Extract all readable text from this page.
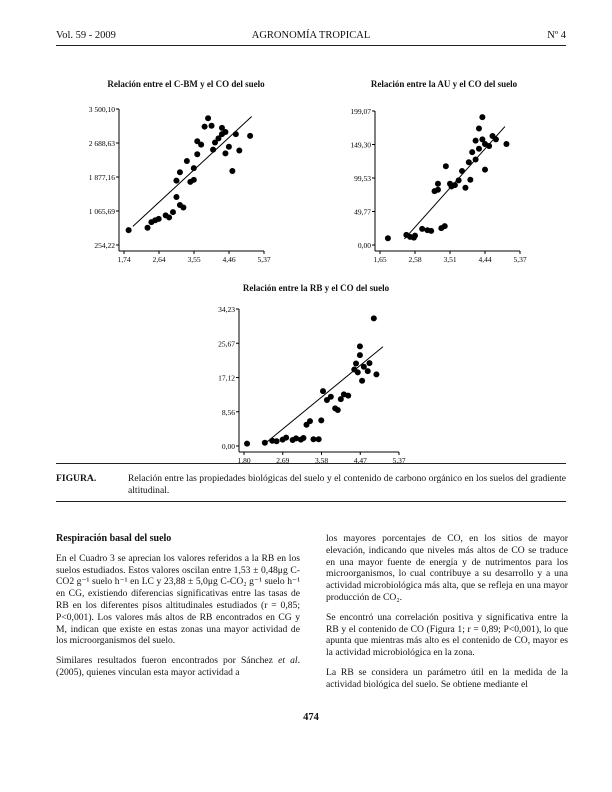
Vol. 59 - 2009	AGRONOMÍA TROPICAL	Nº 4
Relación entre el C-BM y el CO del suelo	Relación entre la AU y el CO del suelo
Relación entre la RB y el CO del suelo
254,22
1 065,69
1 877,16
2 688,63
3 500,10
1,74	2,64	3,55	4,46	5,37
0,00
49,77
99,53
149,30
199,07
1,65	2,58	3,51	4,44	5,37
0,00
8,56
17,12
25,67
34,23
1,80	2,69	3,58	4,47	5,37
FIGURA.	Relación entre las propiedades biológicas del suelo y el contenido de carbono orgánico en los suelos del gradiente altitudinal.
Respiración basal del suelo

En el Cuadro 3 se aprecian los valores referidos a la RB en los suelos estudiados. Estos valores oscilan entre 1,53 ± 0,48μg C-CO2 g⁻¹ suelo h⁻¹ en LC y 23,88 ± 5,0μg C-CO₂ g⁻¹ suelo h⁻¹ en CG, existiendo diferencias significativas entre las tasas de RB en los diferentes pisos altitudinales estudiados (r = 0,85; P<0,001). Los valores más altos de RB encontrados en CG y M, indican que existe en estas zonas una mayor actividad de los microorganismos del suelo.

Similares resultados fueron encontrados por Sánchez et al. (2005), quienes vinculan esta mayor actividad a

los mayores porcentajes de CO, en los sitios de mayor elevación, indicando que niveles más altos de CO se traduce en una mayor fuente de energía y de nutrimentos para los microorganismos, lo cual contribuye a su desarrollo y a una actividad microbiológica más alta, que se refleja en una mayor producción de CO₂.

Se encontró una correlación positiva y significativa entre la RB y el contenido de CO (Figura 1; r = 0,89; P<0,001), lo que apunta que mientras más alto es el contenido de CO, mayor es la actividad microbiológica en la zona.

La RB se considera un parámetro útil en la medida de la actividad biológica del suelo. Se obtiene mediante el

474
